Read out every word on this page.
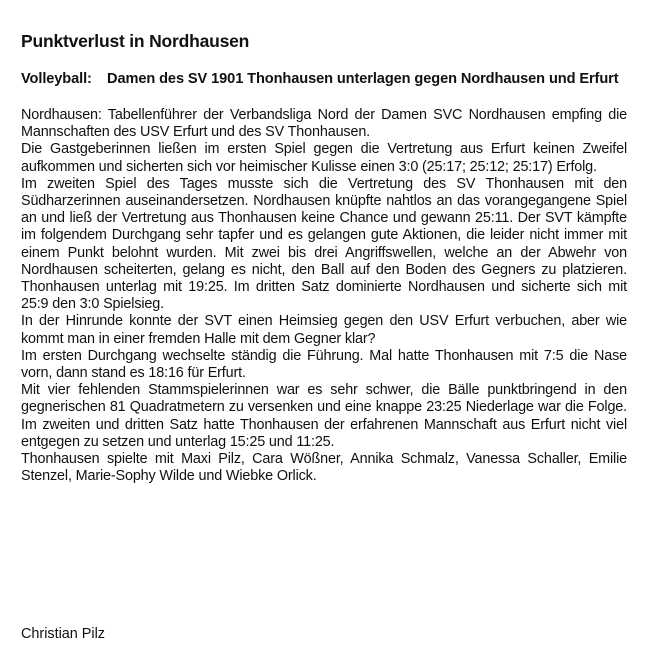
Punktverlust in Nordhausen
Volleyball:	Damen des SV 1901 Thonhausen unterlagen gegen Nordhausen und Erfurt

Nordhausen: Tabellenführer der Verbandsliga Nord der Damen SVC Nordhausen empfing die Mannschaften des USV Erfurt und des SV Thonhausen.

Die Gastgeberinnen ließen im ersten Spiel gegen die Vertretung aus Erfurt keinen Zweifel aufkommen und sicherten sich vor heimischer Kulisse einen 3:0 (25:17; 25:12; 25:17) Erfolg.

Im zweiten Spiel des Tages musste sich die Vertretung des SV Thonhausen mit den Südharzerinnen auseinandersetzen. Nordhausen knüpfte nahtlos an das vorangegangene Spiel an und ließ der Vertretung aus Thonhausen keine Chance und gewann 25:11. Der SVT kämpfte im folgendem Durchgang sehr tapfer und es gelangen gute Aktionen, die leider nicht immer mit einem Punkt belohnt wurden. Mit zwei bis drei Angriffswellen, welche an der Abwehr von Nordhausen scheiterten, gelang es nicht, den Ball auf den Boden des Gegners zu platzieren. Thonhausen unterlag mit 19:25. Im dritten Satz dominierte Nordhausen und sicherte sich mit 25:9 den 3:0 Spielsieg.

In der Hinrunde konnte der SVT einen Heimsieg gegen den USV Erfurt verbuchen, aber wie kommt man in einer fremden Halle mit dem Gegner klar?

Im ersten Durchgang wechselte ständig die Führung. Mal hatte Thonhausen mit 7:5 die Nase vorn, dann stand es 18:16 für Erfurt.

Mit vier fehlenden Stammspielerinnen war es sehr schwer, die Bälle punktbringend in den gegnerischen 81 Quadratmetern zu versenken und eine knappe 23:25 Niederlage war die Folge. Im zweiten und dritten Satz hatte Thonhausen der erfahrenen Mannschaft aus Erfurt nicht viel entgegen zu setzen und unterlag 15:25 und 11:25.

Thonhausen spielte mit Maxi Pilz, Cara Wößner, Annika Schmalz, Vanessa Schaller, Emilie Stenzel, Marie-Sophy Wilde und Wiebke Orlick.

Christian Pilz
